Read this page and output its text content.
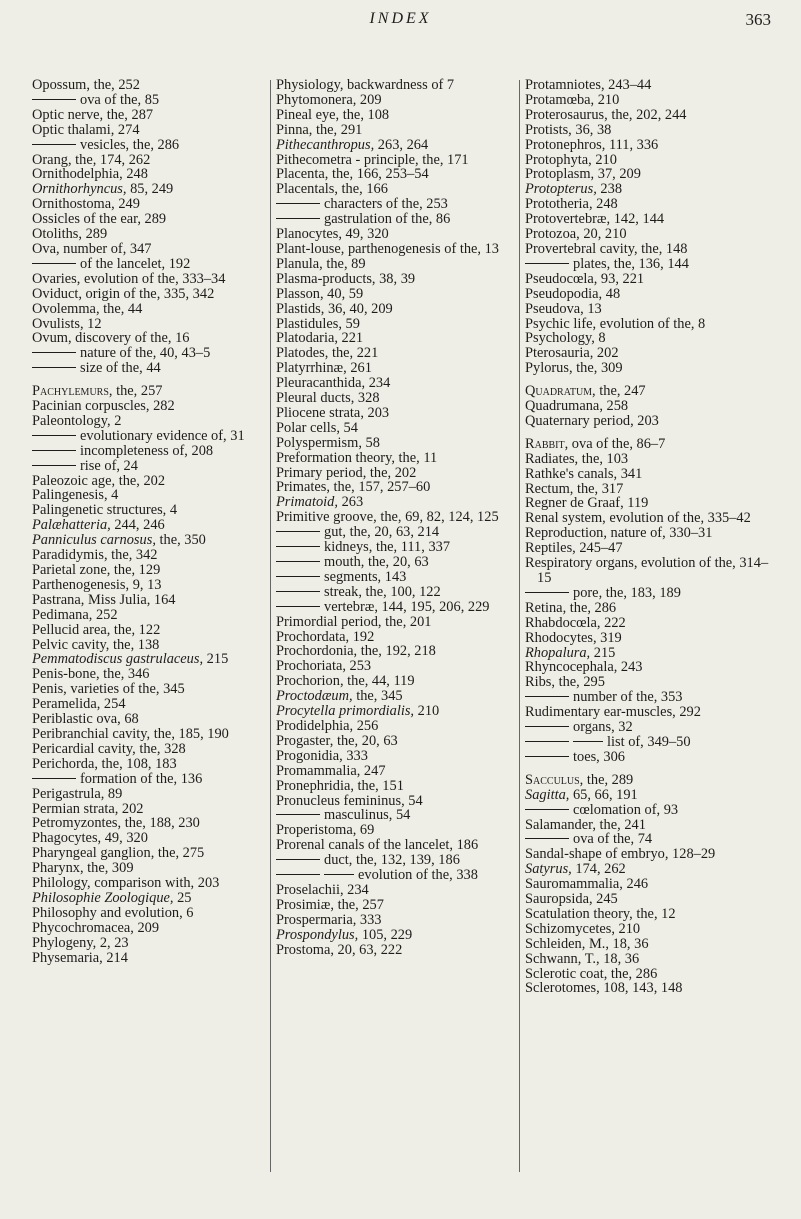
INDEX	363

Opossum, the, 252

ova of the, 85

Optic nerve, the, 287

Optic thalami, 274

vesicles, the, 286

Orang, the, 174, 262

Ornithodelphia, 248

Ornithorhyncus, 85, 249

Ornithostoma, 249

Ossicles of the ear, 289

Otoliths, 289

Ova, number of, 347

of the lancelet, 192

Ovaries, evolution of the, 333–34

Oviduct, origin of the, 335, 342

Ovolemma, the, 44

Ovulists, 12

Ovum, discovery of the, 16

nature of the, 40, 43–5

size of the, 44

Pachylemurs, the, 257

Pacinian corpuscles, 282

Paleontology, 2

evolutionary evidence of, 31

incompleteness of, 208

rise of, 24

Paleozoic age, the, 202

Palingenesis, 4

Palingenetic structures, 4

Palæhatteria, 244, 246

Panniculus carnosus, the, 350

Paradidymis, the, 342

Parietal zone, the, 129

Parthenogenesis, 9, 13

Pastrana, Miss Julia, 164

Pedimana, 252

Pellucid area, the, 122

Pelvic cavity, the, 138

Pemmatodiscus gastrulaceus, 215

Penis-bone, the, 346

Penis, varieties of the, 345

Peramelida, 254

Periblastic ova, 68

Peribranchial cavity, the, 185, 190

Pericardial cavity, the, 328

Perichorda, the, 108, 183

formation of the, 136

Perigastrula, 89

Permian strata, 202

Petromyzontes, the, 188, 230

Phagocytes, 49, 320

Pharyngeal ganglion, the, 275

Pharynx, the, 309

Philology, comparison with, 203

Philosophie Zoologique, 25

Philosophy and evolution, 6

Phycochromacea, 209

Phylogeny, 2, 23

Physemaria, 214

Physiology, backwardness of 7

Phytomonera, 209

Pineal eye, the, 108

Pinna, the, 291

Pithecanthropus, 263, 264

Pithecometra - principle, the, 171

Placenta, the, 166, 253–54

Placentals, the, 166

characters of the, 253

gastrulation of the, 86

Planocytes, 49, 320

Plant-louse, parthenogenesis of the, 13

Planula, the, 89

Plasma-products, 38, 39

Plasson, 40, 59

Plastids, 36, 40, 209

Plastidules, 59

Platodaria, 221

Platodes, the, 221

Platyrrhinæ, 261

Pleuracanthida, 234

Pleural ducts, 328

Pliocene strata, 203

Polar cells, 54

Polyspermism, 58

Preformation theory, the, 11

Primary period, the, 202

Primates, the, 157, 257–60

Primatoid, 263

Primitive groove, the, 69, 82, 124, 125

gut, the, 20, 63, 214

kidneys, the, 111, 337

mouth, the, 20, 63

segments, 143

streak, the, 100, 122

vertebræ, 144, 195, 206, 229

Primordial period, the, 201

Prochordata, 192

Prochordonia, the, 192, 218

Prochoriata, 253

Prochorion, the, 44, 119

Proctodæum, the, 345

Procytella primordialis, 210

Prodidelphia, 256

Progaster, the, 20, 63

Progonidia, 333

Promammalia, 247

Pronephridia, the, 151

Pronucleus femininus, 54

masculinus, 54

Properistoma, 69

Prorenal canals of the lancelet, 186

duct, the, 132, 139, 186

evolution of the, 338

Proselachii, 234

Prosimiæ, the, 257

Prospermaria, 333

Prospondylus, 105, 229

Prostoma, 20, 63, 222

Protamniotes, 243–44

Protamœba, 210

Proterosaurus, the, 202, 244

Protists, 36, 38

Protonephros, 111, 336

Protophyta, 210

Protoplasm, 37, 209

Protopterus, 238

Prototheria, 248

Protovertebræ, 142, 144

Protozoa, 20, 210

Provertebral cavity, the, 148

plates, the, 136, 144

Pseudocœla, 93, 221

Pseudopodia, 48

Pseudova, 13

Psychic life, evolution of the, 8

Psychology, 8

Pterosauria, 202

Pylorus, the, 309

Quadratum, the, 247

Quadrumana, 258

Quaternary period, 203

Rabbit, ova of the, 86–7

Radiates, the, 103

Rathke's canals, 341

Rectum, the, 317

Regner de Graaf, 119

Renal system, evolution of the, 335–42

Reproduction, nature of, 330–31

Reptiles, 245–47

Respiratory organs, evolution of the, 314–15

pore, the, 183, 189

Retina, the, 286

Rhabdocœla, 222

Rhodocytes, 319

Rhopalura, 215

Rhyncocephala, 243

Ribs, the, 295

number of the, 353

Rudimentary ear-muscles, 292

organs, 32

list of, 349–50

toes, 306

Sacculus, the, 289

Sagitta, 65, 66, 191

cœlomation of, 93

Salamander, the, 241

ova of the, 74

Sandal-shape of embryo, 128–29

Satyrus, 174, 262

Sauromammalia, 246

Sauropsida, 245

Scatulation theory, the, 12

Schizomycetes, 210

Schleiden, M., 18, 36

Schwann, T., 18, 36

Sclerotic coat, the, 286

Sclerotomes, 108, 143, 148
